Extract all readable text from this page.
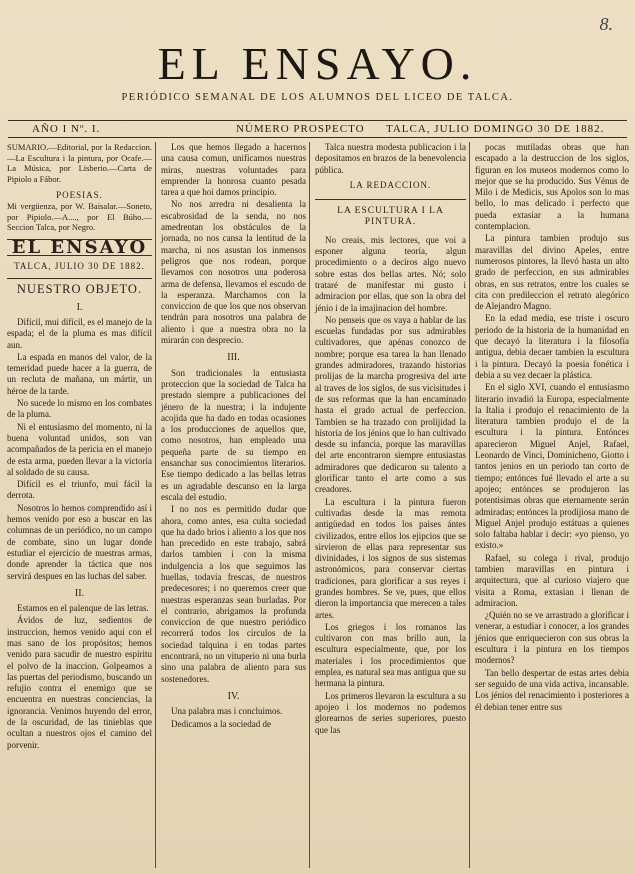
8.
EL ENSAYO.
PERIÓDICO SEMANAL DE LOS ALUMNOS DEL LICEO DE TALCA.
AÑO I Nº. I.	NÚMERO PROSPECTO TALCA, JULIO DOMINGO 30 DE 1882.
SUMARIO.—Editorial, por la Redaccion.—La Escultura i la pintura, por Ocafe.—La Música, por Lisberio.—Carta de Pipiolo a Fábor.
POESIAS.
Mi vergüenza, por W. Baisalar.—Soneto, por Pipiolo.—A...., por El Búho.—Seccion Talca, por Negro.
EL ENSAYO
TALCA, JULIO 30 DE 1882.
NUESTRO OBJETO.
I.

Difícil, mui difícil, es el manejo de la espada; el de la pluma es mas difícil aun.

La espada en manos del valor, de la temeridad puede hacer a la guerra, de un recluta de mañana, un mártir, un héroe de la tarde.

No sucede lo mismo en los combates de la pluma.

Ni el entusiasmo del momento, ni la buena voluntad unidos, son van acompañados de la pericia en el manejo de esta arma, pueden llevar a la victoria al soldado de su causa.

Difícil es el triunfo, mui fácil la derrota.

Nosotros lo hemos comprendido así i hemos venido por eso a buscar en las columnas de un periódico, no un campo de combate, sino un lugar donde estudiar el ejercicio de nuestras armas, donde aprender la táctica que nos servirá despues en las luchas del saber.

II.

Estamos en el palenque de las letras.

Ávidos de luz, sedientos de instruccion, hemos venido aquí con el mas sano de los propósitos; hemos venido para sacudir de nuestro espíritu el polvo de la inaccion. Golpeamos a las puertas del periodismo, buscando un refujio contra el enemigo que se encuentra en nuestras conciencias, la ignorancia. Venimos huyendo del error, de la oscuridad, de las tinieblas que ocultan a nuestros ojos el camino del porvenir.

Los que hemos llegado a hacernos una causa comun, unificamos nuestras miras, nuestras voluntades para emprender la honrosa cuanto pesada tarea a que hoi damos principio.

No nos arredra ni desalienta la escabrosidad de la senda, no nos amedrentan los obstáculos de la jornada, no nos cansa la lentitud de la marcha, ni nos asustan los inmensos peligros que nos rodean, porque llevamos con nosotros una poderosa arma de defensa, llevamos el escudo de la esperanza. Marchamos con la conviccion de que los que nos observan tendrán para nosotros una palabra de aliento i que a nuestra obra no la mirarán con desprecio.

III.

Son tradicionales la entusiasta proteccion que la sociedad de Talca ha prestado siempre a publicaciones del jénero de la nuestra; i la indujente acojida que ha dado en todas ocasiones a los producciones de aquellos que, como nosotros, han empleado una pequeña parte de su tiempo en ensanchar sus conocimientos literarios. Ese tiempo dedicado a las bellas letras es un agradable descanso en la larga escala del estudio.

I no nos es permitido dudar que ahora, como antes, esa culta sociedad que ha dado brios i aliento a los que nos han precedido en este trabajo, sabrá darlos tambien i con la misma indulgencia a los que seguimos las huellas, todavía frescas, de nuestros predecesores; i no queremos creer que nuestras esperanzas sean burladas. Por el contrario, abrigamos la profunda conviccion de que nuestro periódico recorrerá todos los círculos de la sociedad talquina i en todas partes encontrará, no un vituperio ni una burla sino una palabra de aliento para sus sostenedores.

IV.

Una palabra mas i concluimos.

Dedicamos a la sociedad de

Talca nuestra modesta publicacion i la depositamos en brazos de la benevolencia pública.

LA REDACCION.
LA ESCULTURA I LA PINTURA.

No creais, mis lectores, que voi a esponer alguna teoría, algun procedimiento o a decíros algo nuevo sobre estas dos bellas artes. Nó; solo trataré de manifestar mi gusto i admiracion por ellas, que son la obra del jénio i de la imajinacion del hombre.

No penseis que os vaya a hablar de las escuelas fundadas por sus admirables cultivadores, que apénas conozco de nombre; porque esa tarea la han llenado grandes admiradores, trazando historias prolijas de la marcha progresiva del arte al traves de los siglos, de sus vicisitudes i de sus reformas que la han encaminado hasta el grado actual de perfeccion. Tambien se ha trazado con prolijidad la historia de los jénios que lo han cultivado desde su infancia, porque las maravillas del arte encontraron siempre entusiastas admiradores que dedicaron su talento a glorificar tanto el arte como a sus creadores.

La escultura i la pintura fueron cultivadas desde la mas remota antigüedad en todos los paises ántes civilizados, entre ellos los ejipcios que se sirvieron de ellas para representar sus divinidades, i los signos de sus sistemas astronómicos, para conservar ciertas tradiciones, para glorificar a sus reyes i grandes hombres. Se ve, pues, que ellos dieron la importancia que merecen a tales artes.

Los griegos i los romanos las cultivaron con mas brillo aun, la escultura especialmente, que, por los materiales i los procedimientos que emplea, es natural sea mas antigua que su hermana la pintura.

Los primeros llevaron la escultura a su apojeo i los modernos no podemos glorearnos de series superiores, puesto que las

pocas mutiladas obras que han escapado a la destruccion de los siglos, figuran en los museos modernos como lo mejor que se ha producido. Sus Vénus de Milo i de Medicis, sus Apolos son lo mas bello, lo mas delicado i perfecto que pueda extasiar a la humana contemplacion.

La pintura tambien produjo sus maravillas del divino Apeles, entre numerosos pintores, la llevó hasta un alto grado de perfeccion, en sus admirables obras, en sus retratos, entre los cuales se cita con predileccion el retrato alegórico de Alejandro Magno.

En la edad media, ese triste i oscuro periodo de la historia de la humanidad en que decayó la literatura i la filosofía antigua, debia decaer tambien la escultura i la pintura. Decayó la poesia fonética i debia a su vez decaer la plástica.

En el siglo XVI, cuando el entusiasmo literario invadió la Europa, especialmente la Italia i produjo el renacimiento de la literatura tambien produjo el de la escultura i la pintura. Entónces aparecieron Miguel Anjel, Rafael, Leonardo de Vinci, Dominicheno, Giotto i tantos jenios en un periodo tan corto de tiempo; entónces fué llevado el arte a su apojeo; entónces se produjeron las potentisimas obras que eternamente serán admiradas; entónces la prodijiosa mano de Miguel Anjel produjo estátuas a quienes solo faltaba hablar i decir: «yo pienso, yo existo.»

Rafael, su colega i rival, produjo tambien maravillas en pintura i arquitectura, que al curioso viajero que visita a Roma, extasian i llenan de admiracion.

¿Quién no se ve arrastrado a glorificar i venerar, a estudiar i conocer, a los grandes jénios que enriquecieron con sus obras la escultura i la pintura en los tiempos modernos?

Tan bello despertar de estas artes debia ser seguido de una vida activa, incansable. Los jénios del renacimiento i posteriores a él debian tener entre sus
